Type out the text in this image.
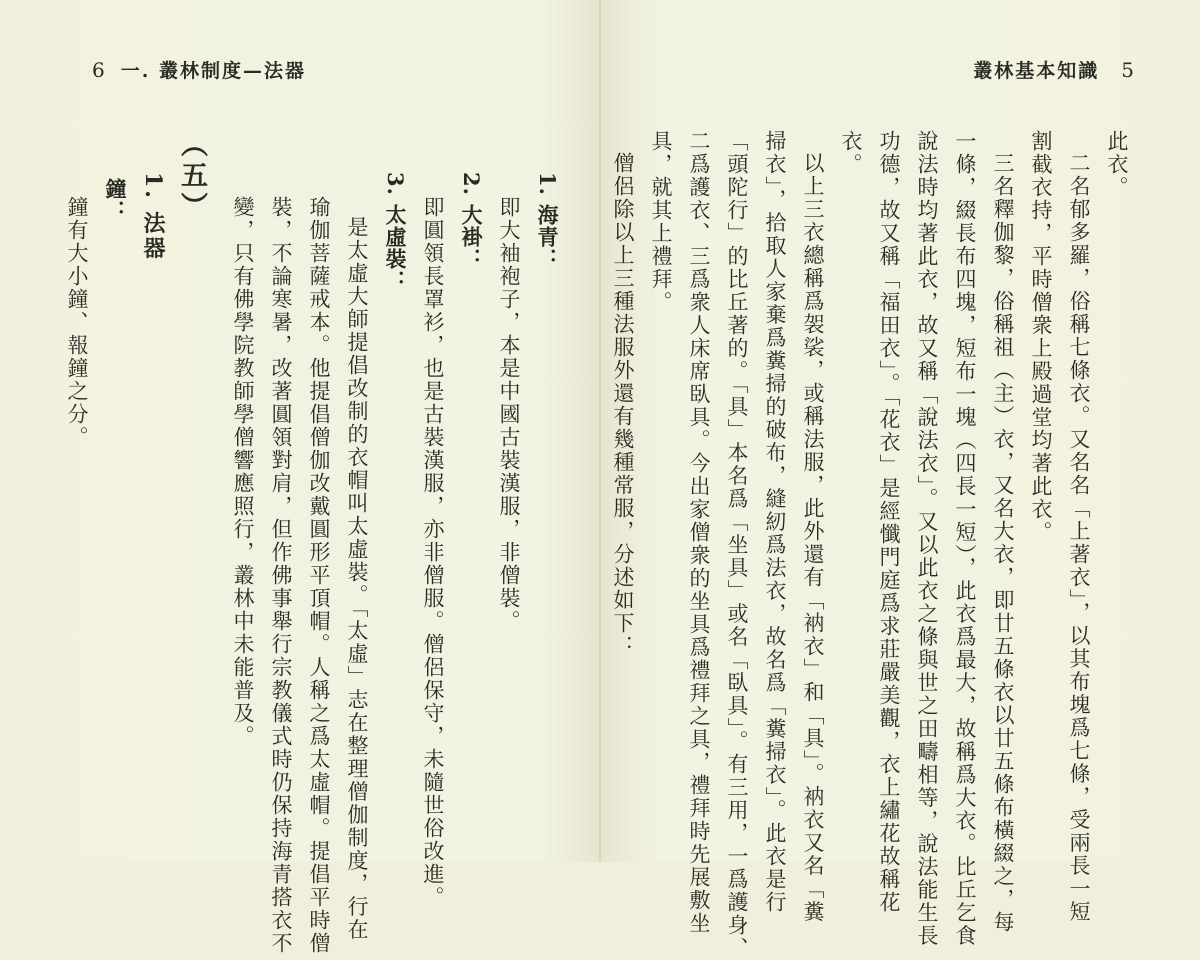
6 一. 叢林制度—法器
1. 海青：
即大袖袍子，本是中國古裝漢服，非僧裝。
2. 大褂：
即圓領長罩衫，也是古裝漢服，亦非僧服。僧侶保守，未隨世俗改進。
3. 太虛裝：
是太虛大師提倡改制的衣帽叫太虛裝。「太虛」志在整理僧伽制度，行在
瑜伽菩薩戒本。他提倡僧伽改戴圓形平頂帽。人稱之爲太虛帽。提倡平時僧
裝，不論寒暑，改著圓領對肩，但作佛事舉行宗教儀式時仍保持海青搭衣不
變，只有佛學院教師學僧響應照行，叢林中未能普及。
（五）
1. 法器
鐘：
鐘有大小鐘、報鐘之分。
叢林基本知識 5
此衣。
二名郁多羅，俗稱七條衣。又名名「上著衣」，以其布塊爲七條，受兩長一短
割截衣持，平時僧衆上殿過堂均著此衣。
三名釋伽黎，俗稱祖（主）衣，又名大衣，即廿五條衣以廿五條布橫綴之，每
一條，綴長布四塊，短布一塊（四長一短），此衣爲最大，故稱爲大衣。比丘乞食
說法時均著此衣，故又稱「說法衣」。又以此衣之條與世之田疇相等，說法能生長
功德，故又稱「福田衣」。「花衣」是經懺門庭爲求莊嚴美觀，衣上繡花故稱花
衣。
以上三衣總稱爲袈裟，或稱法服，此外還有「衲衣」和「具」。衲衣又名「糞
掃衣」，拾取人家棄爲糞掃的破布，縫紉爲法衣，故名爲「糞掃衣」。此衣是行
「頭陀行」的比丘著的。「具」本名爲「坐具」或名「臥具」。有三用，一爲護身、
二爲護衣、三爲衆人床席臥具。今出家僧衆的坐具爲禮拜之具，禮拜時先展敷坐
具，就其上禮拜。
僧侶除以上三種法服外還有幾種常服，分述如下：
